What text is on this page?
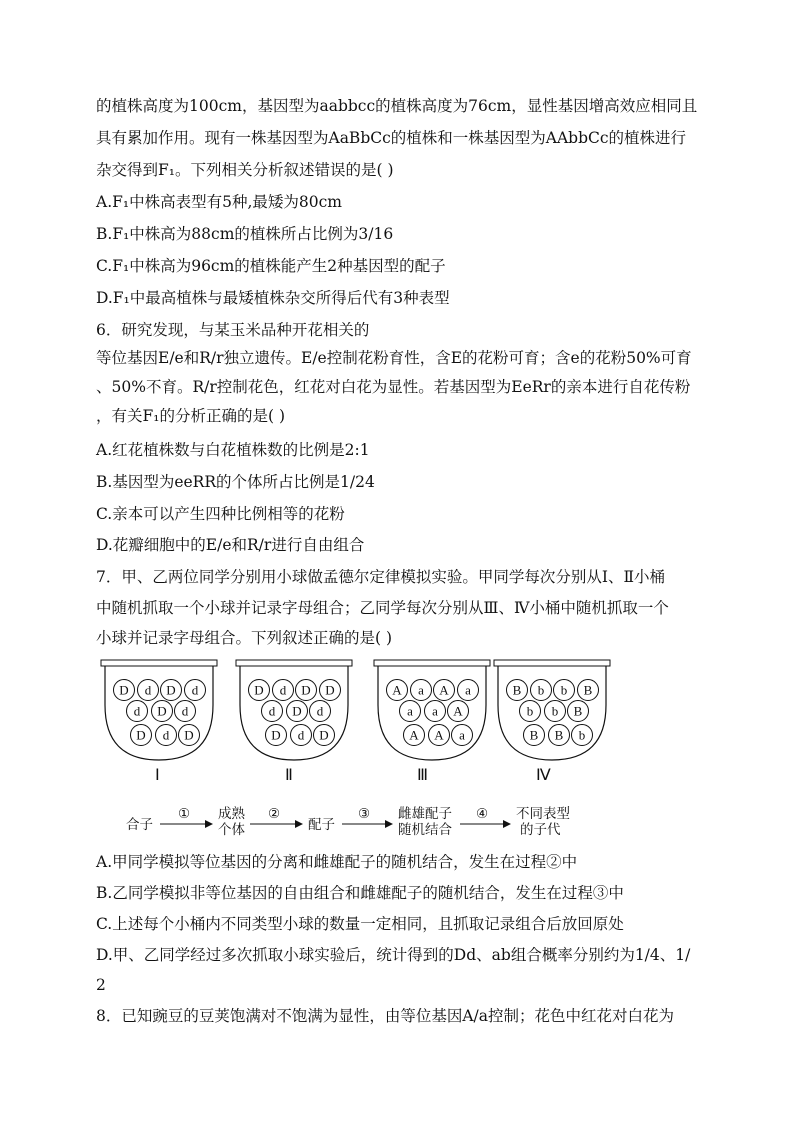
的植株高度为100cm，基因型为aabbcc的植株高度为76cm，显性基因增高效应相同且
具有累加作用。现有一株基因型为AaBbCc的植株和一株基因型为AAbbCc的植株进行
杂交得到F₁。下列相关分析叙述错误的是( )
A.F₁中株高表型有5种,最矮为80cm
B.F₁中株高为88cm的植株所占比例为3/16
C.F₁中株高为96cm的植株能产生2种基因型的配子
D.F₁中最高植株与最矮植株杂交所得后代有3种表型
6．研究发现，与某玉米品种开花相关的
等位基因E/e和R/r独立遗传。E/e控制花粉育性，含E的花粉可育；含e的花粉50%可育
、50%不育。R/r控制花色，红花对白花为显性。若基因型为EeRr的亲本进行自花传粉
，有关F₁的分析正确的是( )
A.红花植株数与白花植株数的比例是2:1
B.基因型为eeRR的个体所占比例是1/24
C.亲本可以产生四种比例相等的花粉
D.花瓣细胞中的E/e和R/r进行自由组合
7．甲、乙两位同学分别用小球做孟德尔定律模拟实验。甲同学每次分别从Ⅰ、Ⅱ小桶
中随机抓取一个小球并记录字母组合；乙同学每次分别从Ⅲ、Ⅳ小桶中随机抓取一个
小球并记录字母组合。下列叙述正确的是( )
D d D d
d D d
D d D
D d D D
d D d
D d D
A a A a
a a A
A A a
B b b B
b b B
B B b
Ⅰ	Ⅱ	Ⅲ	Ⅳ
合子
① 成熟
个体
②
配子
③ 雌雄配子
随机结合
④ 不同表型
的子代
A.甲同学模拟等位基因的分离和雌雄配子的随机结合，发生在过程②中
B.乙同学模拟非等位基因的自由组合和雌雄配子的随机结合，发生在过程③中
C.上述每个小桶内不同类型小球的数量一定相同，且抓取记录组合后放回原处
D.甲、乙同学经过多次抓取小球实验后，统计得到的Dd、ab组合概率分别约为1/4、1/
2
8．已知豌豆的豆荚饱满对不饱满为显性，由等位基因A/a控制；花色中红花对白花为
